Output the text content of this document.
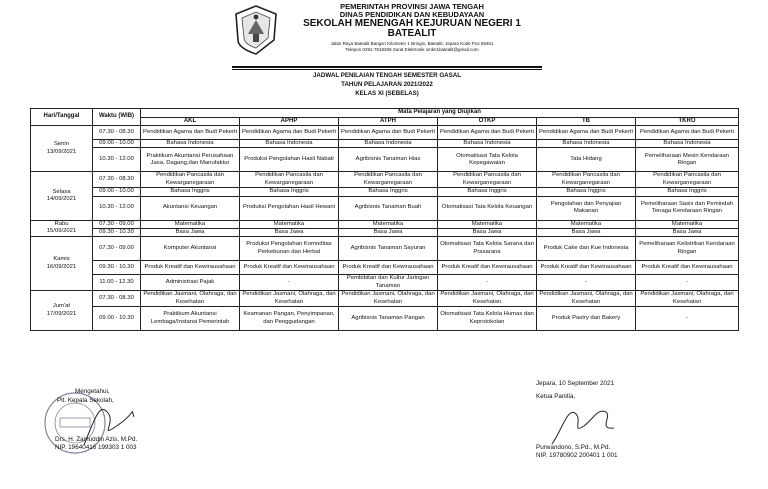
PEMERINTAH PROVINSI JAWA TENGAH
DINAS PENDIDIKAN DAN KEBUDAYAAN
SEKOLAH MENENGAH KEJURUAN NEGERI 1
BATEALIT
Jalan Raya Batealit Bangsri Kilometer 1 Bringin, Batealit, Jepara Kode Pos 59461
Telepon 0291-7518269 Surat Elektronik smkn1batealit@gmail.com
JADWAL PENILAIAN TENGAH SEMESTER GASAL
TAHUN PELAJARAN 2021/2022
KELAS XI (SEBELAS)
Hari/Tanggal	Waktu (WIB)	Mata Pelajaran yang Diujikan					
		AKL	APHP	ATPH	OTKP	TB	TKRO
Senin
13/09/2021	07.30 - 08.30	Pendidikan Agama dan Budi Pekerti	Pendidikan Agama dan Budi Pekerti	Pendidikan Agama dan Budi Pekerti	Pendidikan Agama dan Budi Pekerti	Pendidikan Agama dan Budi Pekerti	Pendidikan Agama dan Budi Pekerti
	09.00 - 10.00	Bahasa Indonesia	Bahasa Indonesia	Bahasa Indonesia	Bahasa Indonesia	Bahasa Indonesia	Bahasa Indonesia
	10.30 - 12.00	Praktikum Akuntansi Perusahaan Jasa, Dagang,dan Manufaktur	Produksi Pengolahan Hasil Nabati	Agribisnis Tanaman Hias	Otomatisasi Tata Kelola Kepegawaian	Tata Hidang	Pemeliharaan Mesin Kendaraan Ringan
Selasa
14/09/2021	07.30 - 08.30	Pendidikan Pancasila dan Kewarganegaraan	Pendidikan Pancasila dan Kewarganegaraan	Pendidikan Pancasila dan Kewarganegaraan	Pendidikan Pancasila dan Kewarganegaraan	Pendidikan Pancasila dan Kewarganegaraan	Pendidikan Pancasila dan Kewarganegaraan
	09.00 - 10.00	Bahasa Inggris	Bahasa Inggris	Bahasa Inggris	Bahasa Inggris	Bahasa Inggris	Bahasa Inggris
	10.30 - 12.00	Akuntansi Keuangan	Produksi Pengolahan Hasil Hewani	Agribisnis Tanaman Buah	Otomatisasi Tata Kelola Keuangan	Pengolahan dan Penyajian Makanan	Pemeliharaan Sasis dan Pemindah Tenaga Kendaraan Ringan
Rabu
15/09/2021	07.30 - 09.00	Matematika	Matematika	Matematika	Matematika	Matematika	Matematika
	09.30 - 10.30	Basa Jawa	Basa Jawa	Basa Jawa	Basa Jawa	Basa Jawa	Basa Jawa
Kamis
16/09/2021	07.30 - 09.00	Komputer Akuntansi	Produksi Pengolahan Komoditas Perkebunan dan Herbal	Agribisnis Tanaman Sayuran	Otomatisasi Tata Kelola Sarana dan Prasarana	Produk Cake dan Kue Indonesia	Pemeliharaan Kelistrikan Kendaraan Ringan
	09.30 - 10.30	Produk Kreatif dan Kewirausahaan	Produk Kreatif dan Kewirausahaan	Produk Kreatif dan Kewirausahaan	Produk Kreatif dan Kewirausahaan	Produk Kreatif dan Kewirausahaan	Produk Kreatif dan Kewirausahaan
	11.00 - 12.30	Administrasi Pajak	-	Pembibitan dan Kultur Jaringan Tanaman	-	-	-
Jum'at
17/09/2021	07.30 - 08.30	Pendidikan Jasmani, Olahraga, dan Kesehatan	Pendidikan Jasmani, Olahraga, dan Kesehatan	Pendidikan Jasmani, Olahraga, dan Kesehatan	Pendidikan Jasmani, Olahraga, dan Kesehatan	Pendidikan Jasmani, Olahraga, dan Kesehatan	Pendidikan Jasmani, Olahraga, dan Kesehatan
	09.00 - 10.30	Praktikum Akuntansi Lembaga/Instansi Pemerintah	Keamanan Pangan, Penyimpanan, dan Penggudangan	Agribisnis Tanaman Pangan	Otomatisasi Tata Kelola Humas dan Keprotokolan	Produk Pastry dan Bakery	-
Mengetahui,
Plt. Kepala Sekolah,
Drs. H. Zainuddin Azis, M.Pd.
NIP. 19640416 199303 1 003
Jepara, 10 September 2021
Ketua Panitia,
Purwandono, S.Pd., M.Pd.
NIP. 19780902 200401 1 001
